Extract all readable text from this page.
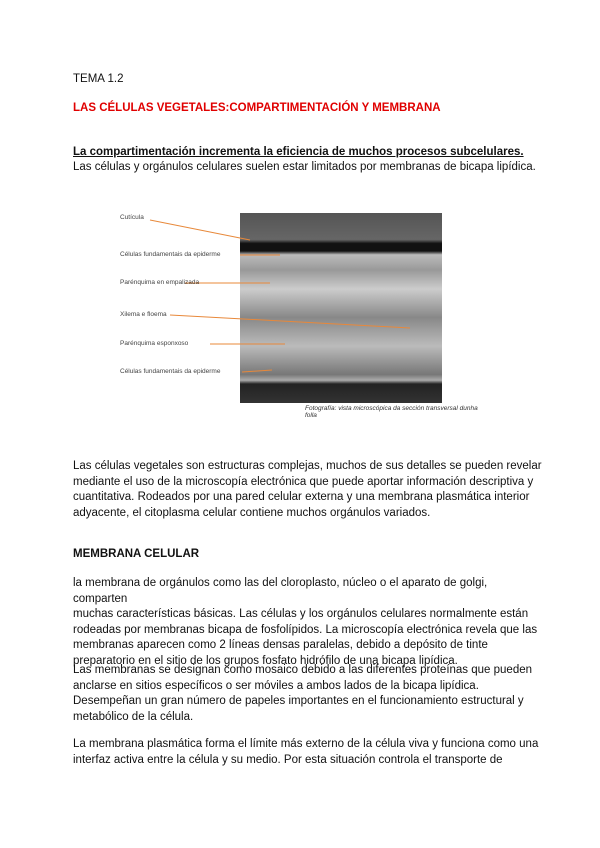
TEMA 1.2
LAS CÉLULAS VEGETALES:COMPARTIMENTACIÓN Y MEMBRANA
La compartimentación incrementa la eficiencia de muchos procesos subcelulares.
Las células y orgánulos celulares suelen estar limitados por membranas de bicapa lipídica.
Cutícula
Células fundamentais da epiderme
Parénquima en empalizada
Xilema e floema
Parénquima esponxoso
Células fundamentais da epiderme
Fotografía: vista microscópica da sección transversal dunha folla
Las células vegetales son estructuras complejas, muchos de sus detalles se pueden revelar
mediante el uso de la microscopía electrónica que puede aportar información descriptiva y
cuantitativa. Rodeados por una pared celular externa y una membrana plasmática interior
adyacente, el citoplasma celular contiene muchos orgánulos variados.
MEMBRANA CELULAR
la membrana de orgánulos como las del cloroplasto, núcleo o el aparato de golgi, comparten
muchas características básicas. Las células y los orgánulos celulares normalmente están
rodeadas por membranas bicapa de fosfolípidos. La microscopía electrónica revela que las
membranas aparecen como 2 líneas densas paralelas, debido a depósito de tinte
preparatorio en el sitio de los grupos fosfato hidrófilo de una bicapa lipídica.
Las membranas se designan como mosaico debido a las diferentes proteínas que pueden
anclarse en sitios específicos o ser móviles a ambos lados de la bicapa lipídica.
Desempeñan un gran número de papeles importantes en el funcionamiento estructural y
metabólico de la célula.
La membrana plasmática forma el límite más externo de la célula viva y funciona como una
interfaz activa entre la célula y su medio. Por esta situación controla el transporte de
